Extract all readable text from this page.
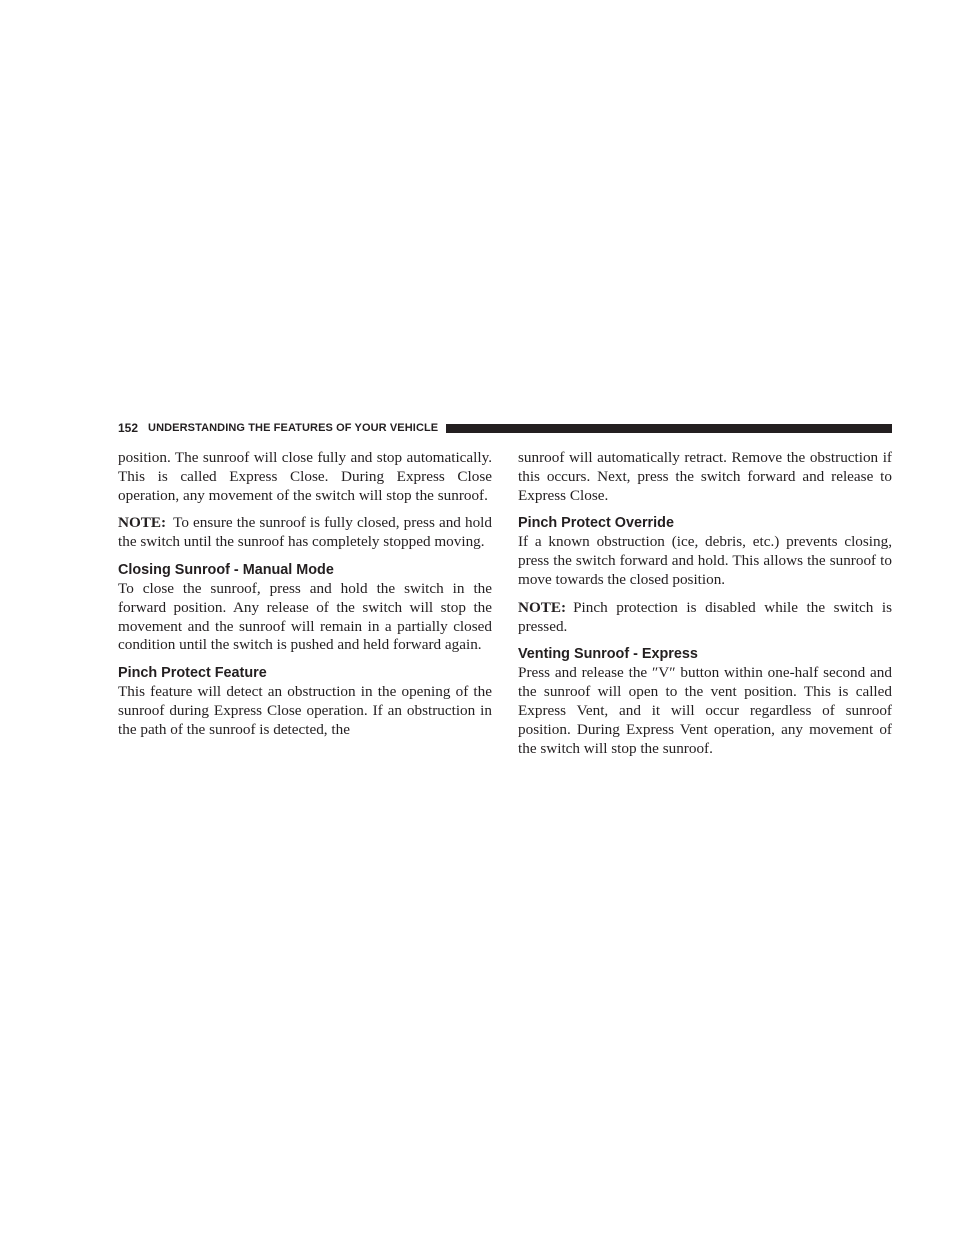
152 UNDERSTANDING THE FEATURES OF YOUR VEHICLE

position. The sunroof will close fully and stop automatically. This is called Express Close. During Express Close operation, any movement of the switch will stop the sunroof.

NOTE: To ensure the sunroof is fully closed, press and hold the switch until the sunroof has completely stopped moving.

Closing Sunroof - Manual Mode

To close the sunroof, press and hold the switch in the forward position. Any release of the switch will stop the movement and the sunroof will remain in a partially closed condition until the switch is pushed and held forward again.

Pinch Protect Feature

This feature will detect an obstruction in the opening of the sunroof during Express Close operation. If an obstruction in the path of the sunroof is detected, the

sunroof will automatically retract. Remove the obstruction if this occurs. Next, press the switch forward and release to Express Close.

Pinch Protect Override

If a known obstruction (ice, debris, etc.) prevents closing, press the switch forward and hold. This allows the sunroof to move towards the closed position.

NOTE: Pinch protection is disabled while the switch is pressed.

Venting Sunroof - Express

Press and release the ″V″ button within one-half second and the sunroof will open to the vent position. This is called Express Vent, and it will occur regardless of sunroof position. During Express Vent operation, any movement of the switch will stop the sunroof.
